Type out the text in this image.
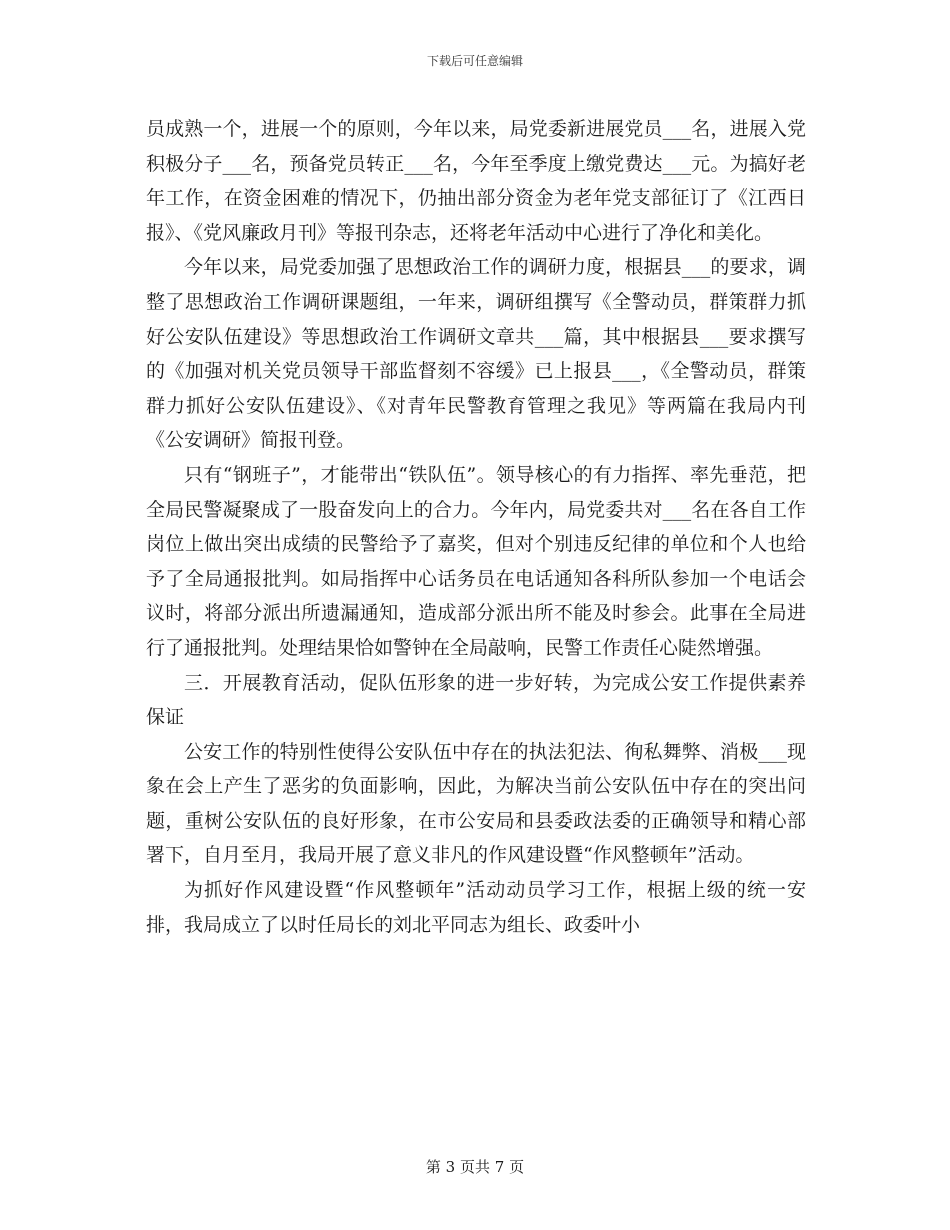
下载后可任意编辑

员成熟一个，进展一个的原则，今年以来，局党委新进展党员___名，进展入党积极分子___名，预备党员转正___名，今年至季度上缴党费达___元。为搞好老年工作，在资金困难的情况下，仍抽出部分资金为老年党支部征订了《江西日报》、《党风廉政月刊》等报刊杂志，还将老年活动中心进行了净化和美化。

今年以来，局党委加强了思想政治工作的调研力度，根据县___的要求，调整了思想政治工作调研课题组，一年来，调研组撰写《全警动员，群策群力抓好公安队伍建设》等思想政治工作调研文章共___篇，其中根据县___要求撰写的《加强对机关党员领导干部监督刻不容缓》已上报县___，《全警动员，群策群力抓好公安队伍建设》、《对青年民警教育管理之我见》等两篇在我局内刊《公安调研》简报刊登。

只有“钢班子”，才能带出“铁队伍”。领导核心的有力指挥、率先垂范，把全局民警凝聚成了一股奋发向上的合力。今年内，局党委共对___名在各自工作岗位上做出突出成绩的民警给予了嘉奖，但对个别违反纪律的单位和个人也给予了全局通报批判。如局指挥中心话务员在电话通知各科所队参加一个电话会议时，将部分派出所遗漏通知，造成部分派出所不能及时参会。此事在全局进行了通报批判。处理结果恰如警钟在全局敲响，民警工作责任心陡然增强。

三．开展教育活动，促队伍形象的进一步好转，为完成公安工作提供素养保证

公安工作的特别性使得公安队伍中存在的执法犯法、徇私舞弊、消极___现象在会上产生了恶劣的负面影响，因此，为解决当前公安队伍中存在的突出问题，重树公安队伍的良好形象，在市公安局和县委政法委的正确领导和精心部署下，自月至月，我局开展了意义非凡的作风建设暨“作风整顿年”活动。

为抓好作风建设暨“作风整顿年”活动动员学习工作，根据上级的统一安排，我局成立了以时任局长的刘北平同志为组长、政委叶小

第 3 页共 7 页
